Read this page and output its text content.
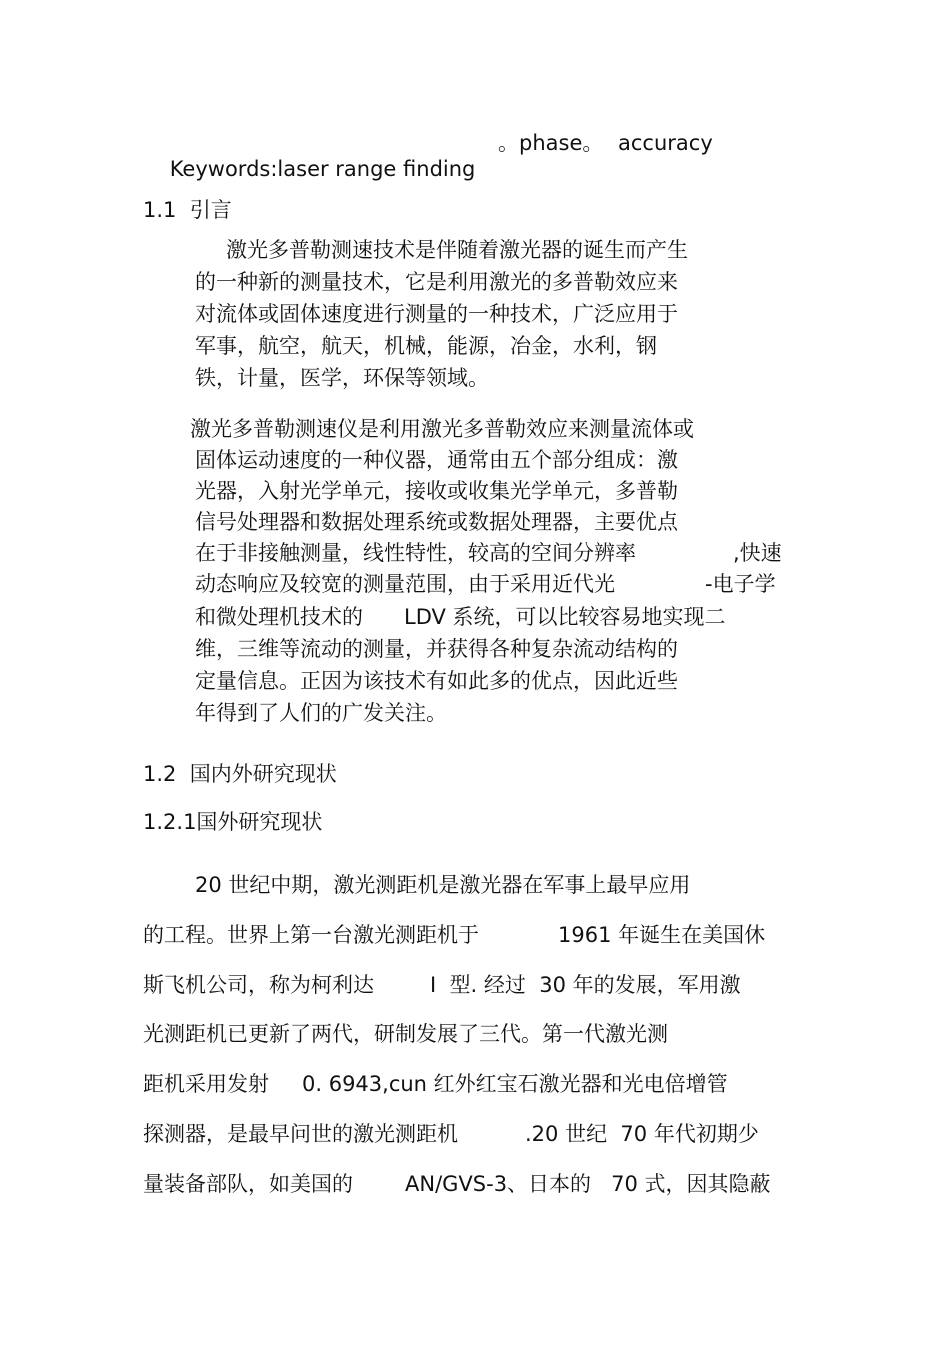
Keywords:laser range finding

。phase。 accuracy
1.1  引言
激光多普勒测速技术是伴随着激光器的诞生而产生
的一种新的测量技术，它是利用激光的多普勒效应来
对流体或固体速度进行测量的一种技术，广泛应用于
军事，航空，航天，机械，能源，冶金，水利，钢
铁，计量，医学，环保等领域。
激光多普勒测速仪是利用激光多普勒效应来测量流体或
固体运动速度的一种仪器，通常由五个部分组成：激
光器，入射光学单元，接收或收集光学单元，多普勒
信号处理器和数据处理系统或数据处理器，主要优点
在于非接触测量，线性特性，较高的空间分辨率	,快速
动态响应及较宽的测量范围，由于采用近代光	-电子学
和微处理机技术的 LDV 系统，可以比较容易地实现二
维，三维等流动的测量，并获得各种复杂流动结构的
定量信息。正因为该技术有如此多的优点，因此近些
年得到了人们的广发关注。
1.2  国内外研究现状
1.2.1国外研究现状
20 世纪中期，激光测距机是激光器在军事上最早应用
的工程。世界上第一台激光测距机于	1961 年诞生在美国休
斯飞机公司，称为柯利达	I  型. 经过  30 年的发展，军用激
光测距机已更新了两代，研制发展了三代。第一代激光测
距机采用发射 0. 6943,cun 红外红宝石激光器和光电倍增管
探测器，是最早问世的激光测距机	.20 世纪  70 年代初期少
量装备部队，如美国的 AN/GVS-3、日本的   70 式，因其隐蔽
